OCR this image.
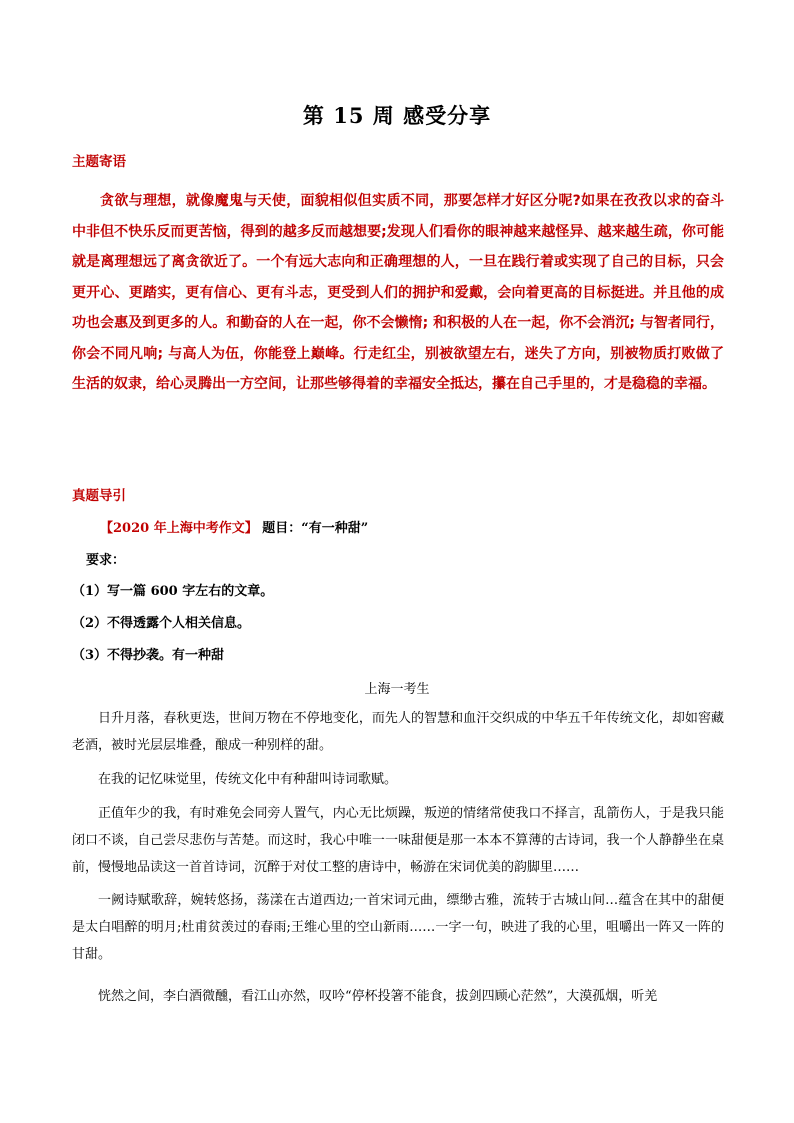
第 15 周 感受分享
主题寄语

贪欲与理想，就像魔鬼与天使，面貌相似但实质不同，那要怎样才好区分呢?如果在孜孜以求的奋斗中非但不快乐反而更苦恼，得到的越多反而越想要;发现人们看你的眼神越来越怪异、越来越生疏，你可能就是离理想远了离贪欲近了。一个有远大志向和正确理想的人，一旦在践行着或实现了自己的目标，只会更开心、更踏实，更有信心、更有斗志，更受到人们的拥护和爱戴，会向着更高的目标挺进。并且他的成功也会惠及到更多的人。和勤奋的人在一起，你不会懒惰; 和积极的人在一起，你不会消沉; 与智者同行，你会不同凡响; 与高人为伍，你能登上巅峰。行走红尘，别被欲望左右，迷失了方向，别被物质打败做了生活的奴隶，给心灵腾出一方空间，让那些够得着的幸福安全抵达，攥在自己手里的，才是稳稳的幸福。

真题导引
【2020 年上海中考作文】 题目：“有一种甜”
要求：
（1）写一篇 600 字左右的文章。
（2）不得透露个人相关信息。
（3）不得抄袭。有一种甜
上海一考生

日升月落，春秋更迭，世间万物在不停地变化，而先人的智慧和血汗交织成的中华五千年传统文化，却如窖藏老酒，被时光层层堆叠，酿成一种别样的甜。

在我的记忆味觉里，传统文化中有种甜叫诗词歌赋。

正值年少的我，有时难免会同旁人置气，内心无比烦躁，叛逆的情绪常使我口不择言，乱箭伤人，于是我只能闭口不谈，自己尝尽悲伤与苦楚。而这时，我心中唯一一味甜便是那一本本不算薄的古诗词，我一个人静静坐在桌前，慢慢地品读这一首首诗词，沉醉于对仗工整的唐诗中，畅游在宋词优美的韵脚里……

一阙诗赋歌辞，婉转悠扬，荡漾在古道西边;一首宋词元曲，缥缈古雅，流转于古城山间…蕴含在其中的甜便是太白唱醉的明月;杜甫贫羡过的春雨;王维心里的空山新雨……一字一句，映进了我的心里，咀嚼出一阵又一阵的甘甜。

恍然之间，李白酒微醺，看江山亦然，叹吟“停杯投箸不能食，拔剑四顾心茫然”，大漠孤烟，听羌
